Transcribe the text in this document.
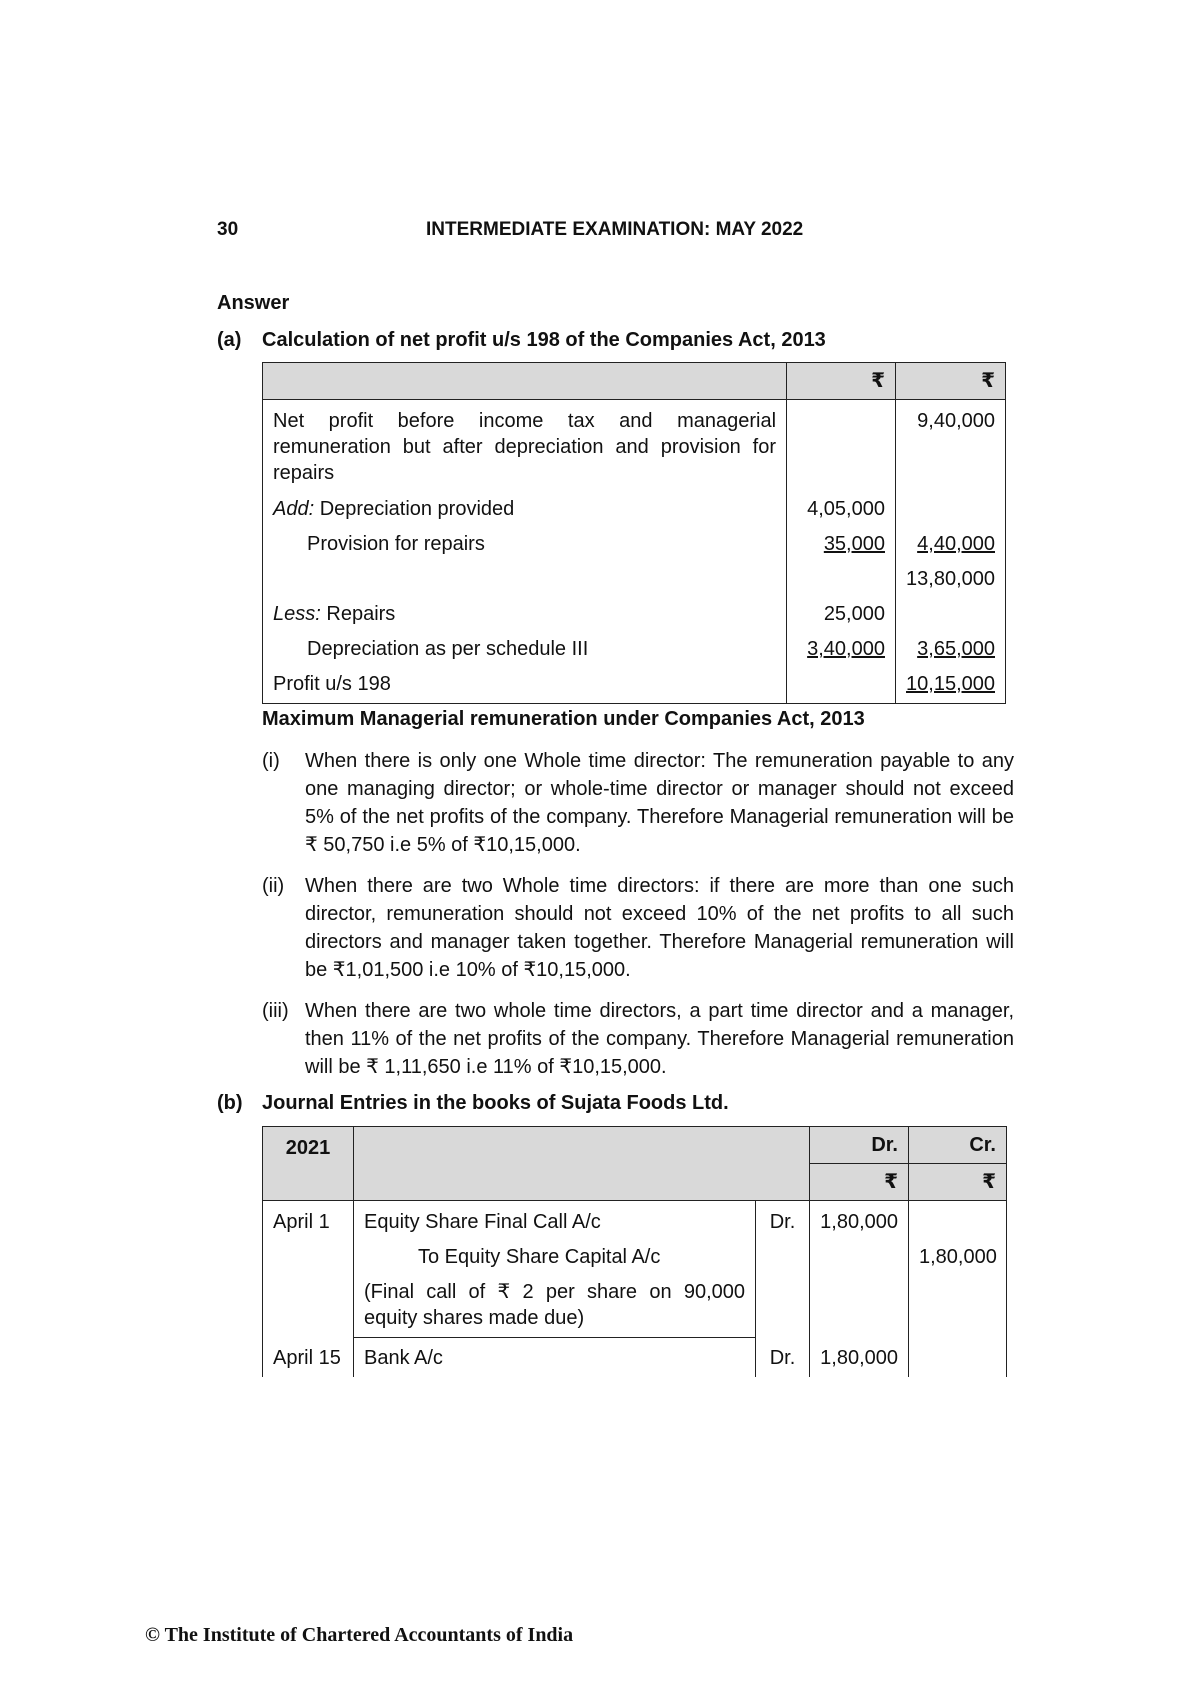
30	INTERMEDIATE EXAMINATION: MAY 2022
Answer
(a) Calculation of net profit u/s 198 of the Companies Act, 2013
	₹	₹
Net profit before income tax and managerial remuneration but after depreciation and provision for repairs		9,40,000
Add: Depreciation provided	4,05,000	
Provision for repairs	35,000	4,40,000
		13,80,000
Less: Repairs	25,000	
Depreciation as per schedule III	3,40,000	3,65,000
Profit u/s 198		10,15,000
Maximum Managerial remuneration under Companies Act, 2013
(i) When there is only one Whole time director: The remuneration payable to any one managing director; or whole-time director or manager should not exceed 5% of the net profits of the company. Therefore Managerial remuneration will be ₹ 50,750 i.e 5% of ₹10,15,000.
(ii) When there are two Whole time directors: if there are more than one such director, remuneration should not exceed 10% of the net profits to all such directors and manager taken together. Therefore Managerial remuneration will be ₹1,01,500 i.e 10% of ₹10,15,000.
(iii) When there are two whole time directors, a part time director and a manager, then 11% of the net profits of the company. Therefore Managerial remuneration will be ₹ 1,11,650 i.e 11% of ₹10,15,000.
(b) Journal Entries in the books of Sujata Foods Ltd.
2021			Dr.	Cr.
			₹	₹
April 1	Equity Share Final Call A/c	Dr.	1,80,000	
	To Equity Share Capital A/c			1,80,000
	(Final call of ₹ 2 per share on 90,000 equity shares made due)			
April 15	Bank A/c	Dr.	1,80,000	
© The Institute of Chartered Accountants of India
